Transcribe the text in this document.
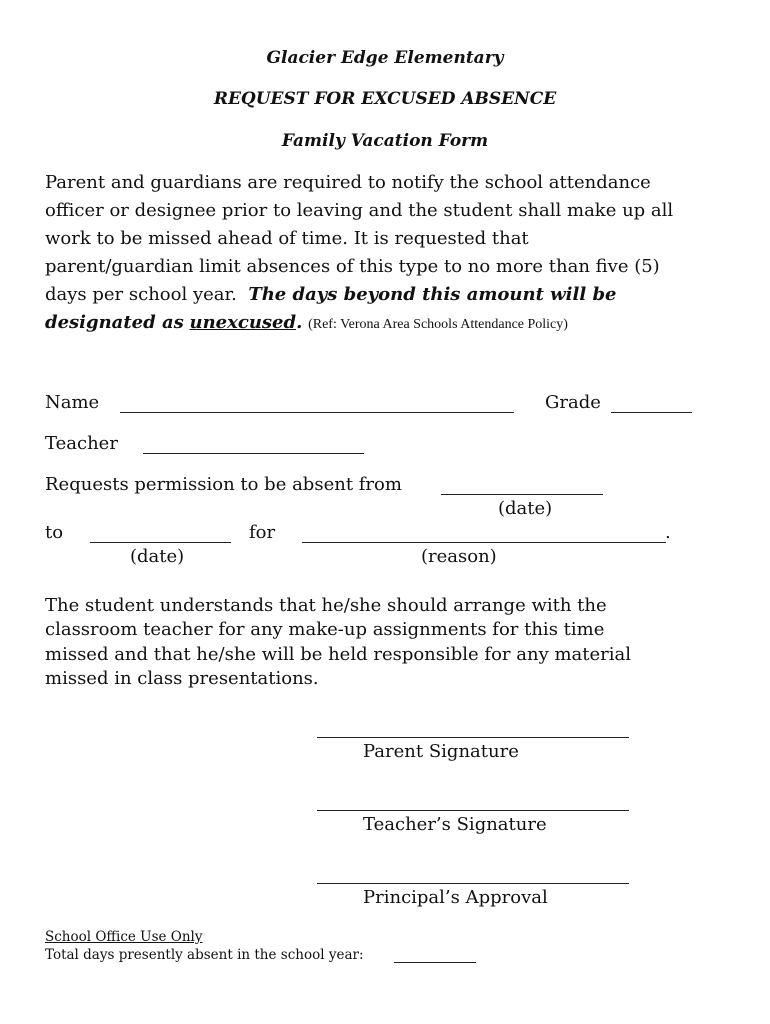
Glacier Edge Elementary
REQUEST FOR EXCUSED ABSENCE
Family Vacation Form
Parent and guardians are required to notify the school attendance
officer or designee prior to leaving and the student shall make up all
work to be missed ahead of time. It is requested that
parent/guardian limit absences of this type to no more than five (5)
days per school year. The days beyond this amount will be
designated as unexcused. (Ref: Verona Area Schools Attendance Policy)
Name	Grade
Teacher
Requests permission to be absent from
(date)
to	for	.
(date)	(reason)
The student understands that he/she should arrange with the
classroom teacher for any make-up assignments for this time
missed and that he/she will be held responsible for any material
missed in class presentations.
Parent Signature
Teacher’s Signature
Principal’s Approval
School Office Use Only
Total days presently absent in the school year:
